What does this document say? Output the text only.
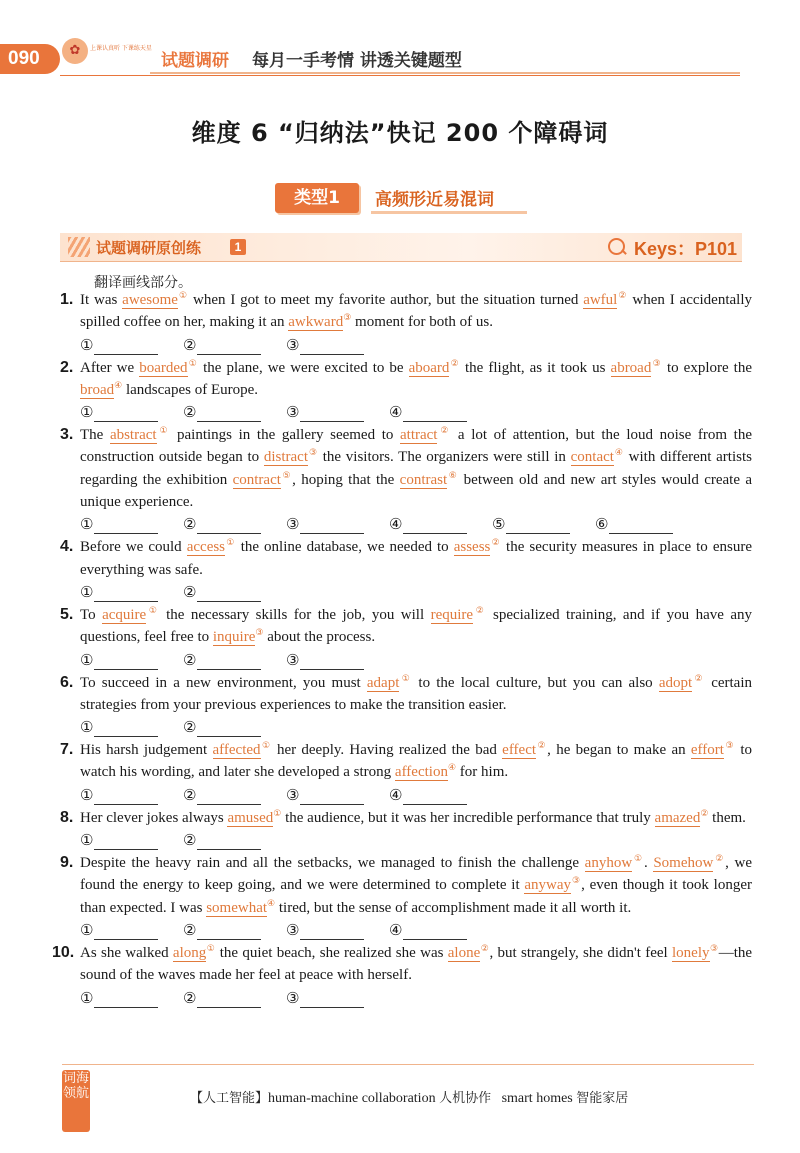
090	✿	上课认真听 下课练天星
试题调研 每月一手考情 讲透关键题型
维度 6 “归纳法”快记 200 个障碍词
类型1	高频形近易混词
试题调研原创练	1	Keys：P101
翻译画线部分。
1. It was awesome① when I got to meet my favorite author, but the situation turned awful② when I accidentally spilled coffee on her, making it an awkward③ moment for both of us.
①	②	③
2. After we boarded① the plane, we were excited to be aboard② the flight, as it took us abroad③ to explore the broad④ landscapes of Europe.
①	②	③	④
3. The abstract① paintings in the gallery seemed to attract② a lot of attention, but the loud noise from the construction outside began to distract③ the visitors. The organizers were still in contact④ with different artists regarding the exhibition contract⑤, hoping that the contrast⑥ between old and new art styles would create a unique experience.
①	②	③	④	⑤	⑥
4. Before we could access① the online database, we needed to assess② the security measures in place to ensure everything was safe.
①	②
5. To acquire① the necessary skills for the job, you will require② specialized training, and if you have any questions, feel free to inquire③ about the process.
①	②	③
6. To succeed in a new environment, you must adapt① to the local culture, but you can also adopt② certain strategies from your previous experiences to make the transition easier.
①	②
7. His harsh judgement affected① her deeply. Having realized the bad effect②, he began to make an effort③ to watch his wording, and later she developed a strong affection④ for him.
①	②	③	④
8. Her clever jokes always amused① the audience, but it was her incredible performance that truly amazed② them.
①	②
9. Despite the heavy rain and all the setbacks, we managed to finish the challenge anyhow①. Somehow②, we found the energy to keep going, and we were determined to complete it anyway③, even though it took longer than expected. I was somewhat④ tired, but the sense of accomplishment made it all worth it.
①	②	③	④
10. As she walked along① the quiet beach, she realized she was alone②, but strangely, she didn't feel lonely③—the sound of the waves made her feel at peace with herself.
①	②	③
词海领航	【人工智能】human-machine collaboration 人机协作 smart homes 智能家居
